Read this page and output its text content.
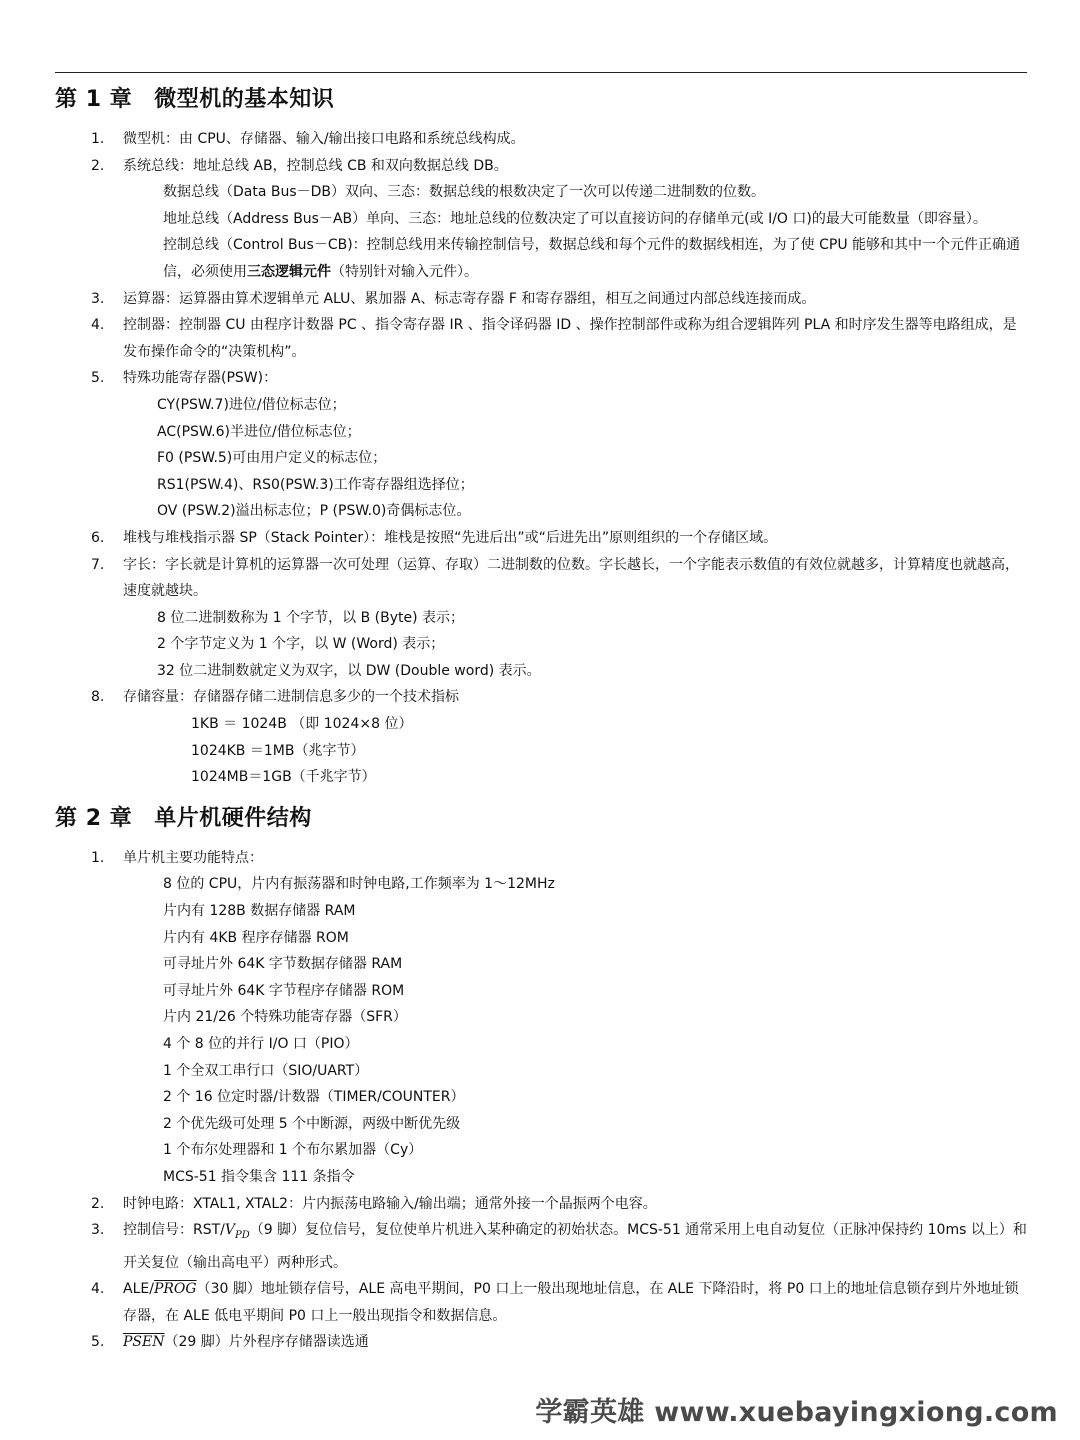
第 1 章 微型机的基本知识
1. 微型机：由 CPU、存储器、输入/输出接口电路和系统总线构成。
2. 系统总线：地址总线 AB，控制总线 CB 和双向数据总线 DB。
数据总线（Data Bus－DB）双向、三态：数据总线的根数决定了一次可以传递二进制数的位数。
地址总线（Address Bus－AB）单向、三态：地址总线的位数决定了可以直接访问的存储单元(或 I/O 口)的最大可能数量（即容量）。
控制总线（Control Bus－CB)：控制总线用来传输控制信号，数据总线和每个元件的数据线相连，为了使 CPU 能够和其中一个元件正确通信，必须使用三态逻辑元件（特别针对输入元件）。
3. 运算器：运算器由算术逻辑单元 ALU、累加器 A、标志寄存器 F 和寄存器组，相互之间通过内部总线连接而成。
4. 控制器：控制器 CU 由程序计数器 PC 、指令寄存器 IR 、指令译码器 ID 、操作控制部件或称为组合逻辑阵列 PLA 和时序发生器等电路组成，是发布操作命令的“决策机构”。
5. 特殊功能寄存器(PSW)：
CY(PSW.7)进位/借位标志位；
AC(PSW.6)半进位/借位标志位；
F0 (PSW.5)可由用户定义的标志位；
RS1(PSW.4)、RS0(PSW.3)工作寄存器组选择位；
OV (PSW.2)溢出标志位；P (PSW.0)奇偶标志位。
6. 堆栈与堆栈指示器 SP（Stack Pointer）：堆栈是按照“先进后出”或“后进先出”原则组织的一个存储区域。
7. 字长：字长就是计算机的运算器一次可处理（运算、存取）二进制数的位数。字长越长，一个字能表示数值的有效位就越多，计算精度也就越高，速度就越块。
8 位二进制数称为 1 个字节，以 B (Byte) 表示；
2 个字节定义为 1 个字，以 W (Word) 表示；
32 位二进制数就定义为双字，以 DW (Double word) 表示。
8. 存储容量：存储器存储二进制信息多少的一个技术指标
1KB ＝ 1024B （即 1024×8 位）
1024KB ＝1MB（兆字节）
1024MB＝1GB（千兆字节）
第 2 章 单片机硬件结构
1. 单片机主要功能特点：
8 位的 CPU，片内有振荡器和时钟电路,工作频率为 1～12MHz
片内有 128B 数据存储器 RAM
片内有 4KB 程序存储器 ROM
可寻址片外 64K 字节数据存储器 RAM
可寻址片外 64K 字节程序存储器 ROM
片内 21/26 个特殊功能寄存器（SFR）
4 个 8 位的并行 I/O 口（PIO）
1 个全双工串行口（SIO/UART）
2 个 16 位定时器/计数器（TIMER/COUNTER）
2 个优先级可处理 5 个中断源，两级中断优先级
1 个布尔处理器和 1 个布尔累加器（Cy）
MCS-51 指令集含 111 条指令
2. 时钟电路：XTAL1, XTAL2：片内振荡电路输入/输出端；通常外接一个晶振两个电容。
3. 控制信号：RST/$V_{PD}(9$ 脚）复位信号，复位使单片机进入某种确定的初始状态。MCS-51 通常采用上电自动复位（正脉冲保持约 10ms 以上）和开关复位（输出高电平）两种形式。
4. ALE/PROG（30 脚）地址锁存信号，ALE 高电平期间，P0 口上一般出现地址信息，在 ALE 下降沿时，将 P0 口上的地址信息锁存到片外地址锁存器，在 ALE 低电平期间 P0 口上一般出现指令和数据信息。
5. PSEN（29 脚）片外程序存储器读选通
学霸英雄 www.xuebayingxiong.com
